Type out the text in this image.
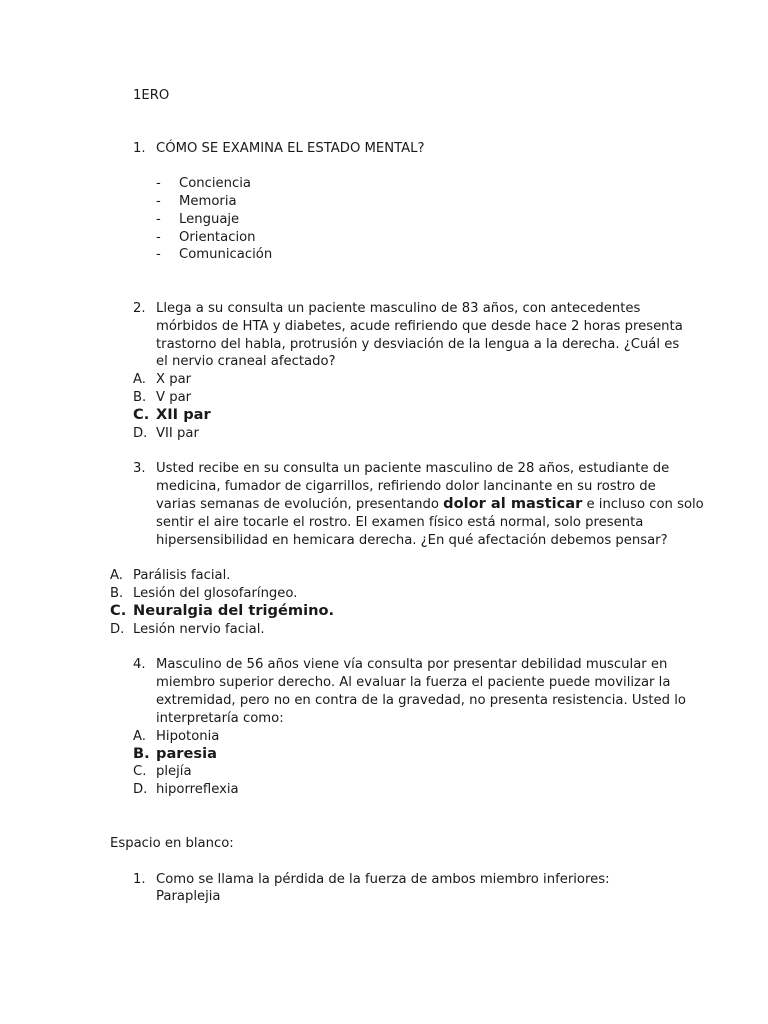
1ERO
1. CÓMO SE EXAMINA EL ESTADO MENTAL?
- Conciencia
- Memoria
- Lenguaje
- Orientacion
- Comunicación
2. Llega a su consulta un paciente masculino de 83 años, con antecedentes
mórbidos de HTA y diabetes, acude refiriendo que desde hace 2 horas presenta
trastorno del habla, protrusión y desviación de la lengua a la derecha. ¿Cuál es
el nervio craneal afectado?
A. X par
B. V par
C. XII par
D. VII par
3. Usted recibe en su consulta un paciente masculino de 28 años, estudiante de
medicina, fumador de cigarrillos, refiriendo dolor lancinante en su rostro de
varias semanas de evolución, presentando dolor al masticar e incluso con solo
sentir el aire tocarle el rostro. El examen físico está normal, solo presenta
hipersensibilidad en hemicara derecha. ¿En qué afectación debemos pensar?
A. Parálisis facial.
B. Lesión del glosofaríngeo.
C. Neuralgia del trigémino.
D. Lesión nervio facial.
4. Masculino de 56 años viene vía consulta por presentar debilidad muscular en
miembro superior derecho. Al evaluar la fuerza el paciente puede movilizar la
extremidad, pero no en contra de la gravedad, no presenta resistencia. Usted lo
interpretaría como:
A. Hipotonia
B. paresia
C. plejía
D. hiporreflexia
Espacio en blanco:
1. Como se llama la pérdida de la fuerza de ambos miembro inferiores:
Paraplejia
